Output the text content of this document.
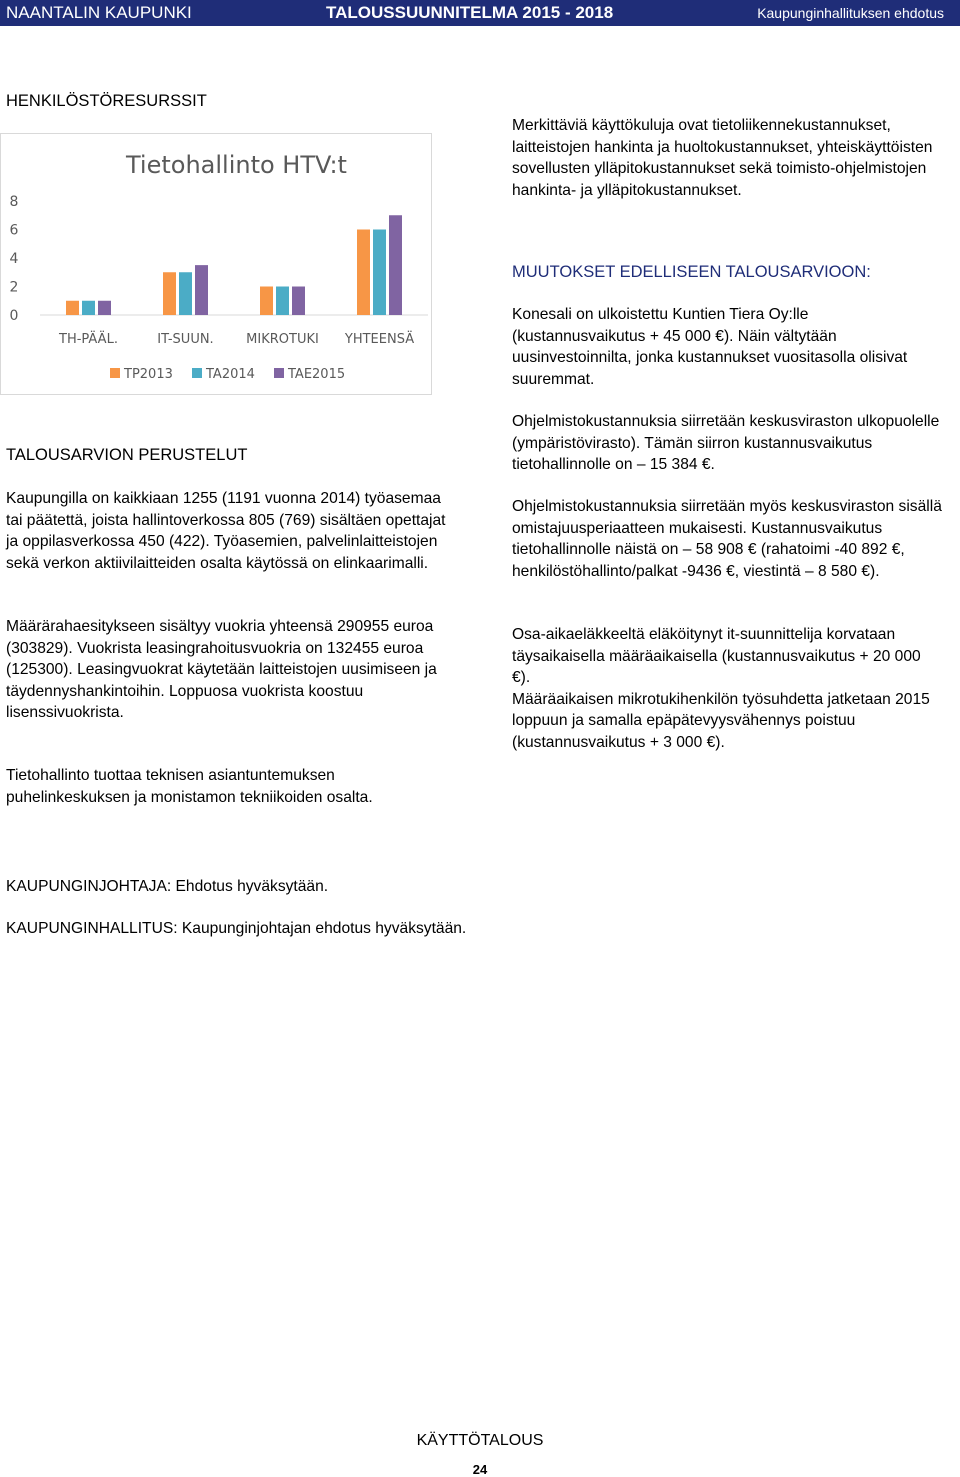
NAANTALIN KAUPUNKI	TALOUSSUUNNITELMA 2015 - 2018	Kaupunginhallituksen ehdotus
HENKILÖSTÖRESURSSIT
0
2
4
6
8
TH-PÄÄL.	IT-SUUN. MIKROTUKI YHTEENSÄ
Tietohallinto HTV:t
TP2013	TA2014	TAE2015
TALOUSARVION PERUSTELUT

Kaupungilla on kaikkiaan 1255 (1191 vuonna 2014) työasemaa tai päätettä, joista hallintoverkossa 805 (769) sisältäen opettajat ja oppilasverkossa 450 (422). Työasemien, palvelinlaitteistojen sekä verkon aktiivilaitteiden osalta käytössä on elinkaarimalli.

Määrärahaesitykseen sisältyy vuokria yhteensä 290955 euroa (303829). Vuokrista leasingrahoitusvuokria on 132455 euroa (125300). Leasingvuokrat käytetään laitteistojen uusimiseen ja täydennyshankintoihin. Loppuosa vuokrista koostuu lisenssivuokrista.

Tietohallinto tuottaa teknisen asiantuntemuksen puhelinkeskuksen ja monistamon tekniikoiden osalta.

Merkittäviä käyttökuluja ovat tietoliikennekustannukset, laitteistojen hankinta ja huoltokustannukset, yhteiskäyttöisten sovellusten ylläpitokustannukset sekä toimisto-ohjelmistojen hankinta- ja ylläpitokustannukset.

MUUTOKSET EDELLISEEN TALOUSARVIOON:

Konesali on ulkoistettu Kuntien Tiera Oy:lle (kustannusvaikutus + 45 000 €). Näin vältytään uusinvestoinnilta, jonka kustannukset vuositasolla olisivat suuremmat.

Ohjelmistokustannuksia siirretään keskusviraston ulkopuolelle (ympäristövirasto). Tämän siirron kustannusvaikutus tietohallinnolle on – 15 384 €.

Ohjelmistokustannuksia siirretään myös keskusviraston sisällä omistajuusperiaatteen mukaisesti. Kustannusvaikutus tietohallinnolle näistä on – 58 908 € (rahatoimi -40 892 €, henkilöstöhallinto/palkat -9436 €, viestintä – 8 580 €).

Osa-aikaeläkkeeltä eläköitynyt it-suunnittelija korvataan täysaikaisella määräaikaisella (kustannusvaikutus + 20 000 €).

Määräaikaisen mikrotukihenkilön työsuhdetta jatketaan 2015 loppuun ja samalla epäpätevyysvähennys poistuu (kustannusvaikutus + 3 000 €).

KAUPUNGINJOHTAJA: Ehdotus hyväksytään.
KAUPUNGINHALLITUS: Kaupunginjohtajan ehdotus hyväksytään.
KÄYTTÖTALOUS
24
